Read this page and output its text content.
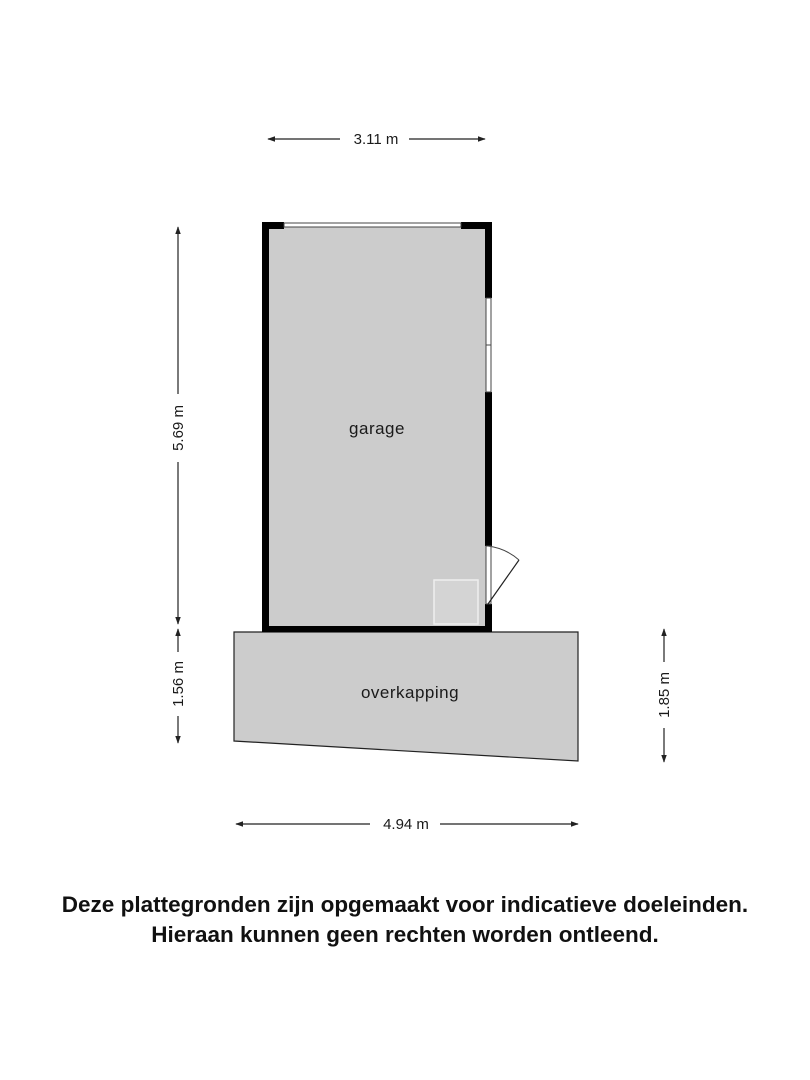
garage
overkapping
3.11 m
5.69 m
1.56 m	1.85 m
4.94 m
Deze plattegronden zijn opgemaakt voor indicatieve doeleinden.
Hieraan kunnen geen rechten worden ontleend.
